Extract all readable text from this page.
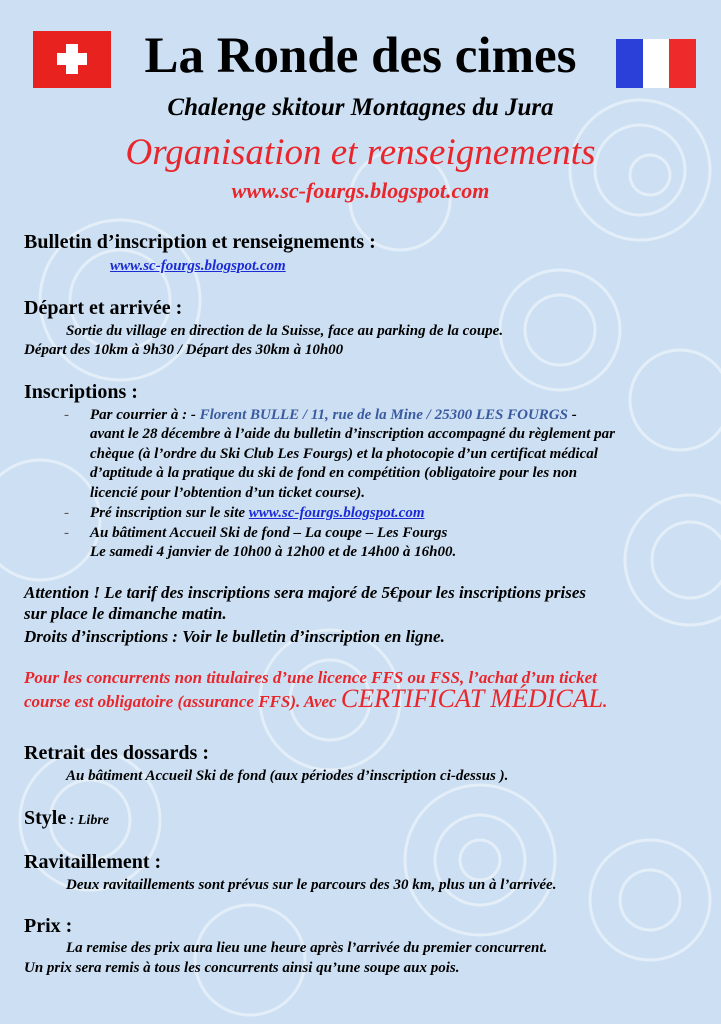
La Ronde des cimes
Chalenge skitour Montagnes du Jura
Organisation et renseignements
www.sc-fourgs.blogspot.com
Bulletin d’inscription et renseignements :
www.sc-fourgs.blogspot.com
Départ et arrivée :
Sortie du village en direction de la Suisse, face au parking de la coupe.
Départ des 10km à 9h30 / Départ des 30km à 10h00
Inscriptions :
- Par courrier à : - Florent BULLE / 11, rue de la Mine / 25300 LES FOURGS -
avant le 28 décembre à l’aide du bulletin d’inscription accompagné du règlement par
chèque (à l’ordre du Ski Club Les Fourgs) et la photocopie d’un certificat médical
d’aptitude à la pratique du ski de fond en compétition (obligatoire pour les non
licencié pour l’obtention d’un ticket course).
- Pré inscription sur le site www.sc-fourgs.blogspot.com
- Au bâtiment Accueil Ski de fond – La coupe – Les Fourgs
Le samedi 4 janvier de 10h00 à 12h00 et de 14h00 à 16h00.
Attention ! Le tarif des inscriptions sera majoré de 5€pour les inscriptions prises
sur place le dimanche matin.
Droits d’inscriptions : Voir le bulletin d’inscription en ligne.
Pour les concurrents non titulaires d’une licence FFS ou FSS, l’achat d’un ticket
course est obligatoire (assurance FFS). Avec CERTIFICAT MÉDICAL.
Retrait des dossards :
Au bâtiment Accueil Ski de fond (aux périodes d’inscription ci-dessus ).
Style : Libre
Ravitaillement :
Deux ravitaillements sont prévus sur le parcours des 30 km, plus un à l’arrivée.
Prix :
La remise des prix aura lieu une heure après l’arrivée du premier concurrent.
Un prix sera remis à tous les concurrents ainsi qu’une soupe aux pois.
